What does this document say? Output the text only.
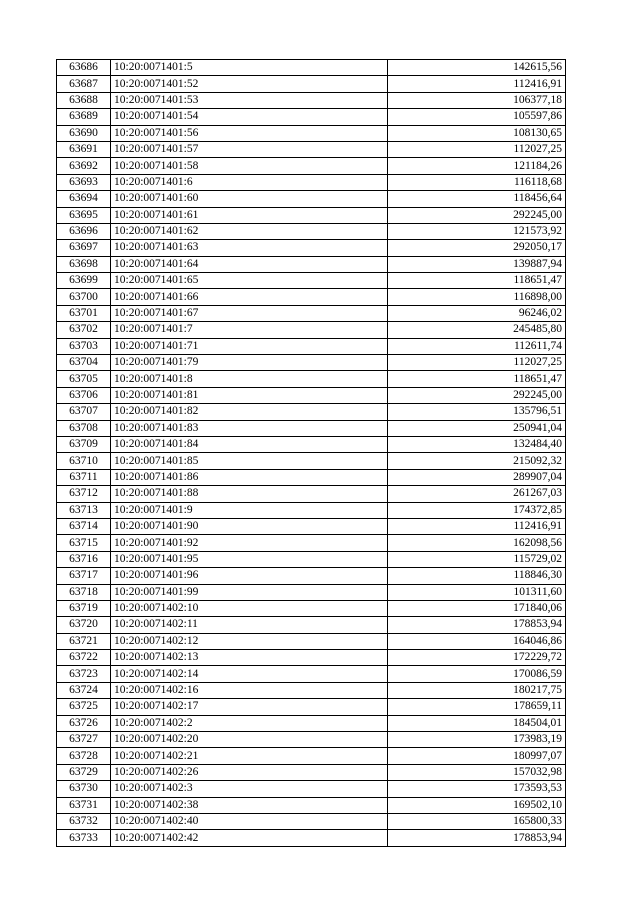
63686	10:20:0071401:5	142615,56
63687	10:20:0071401:52	112416,91
63688	10:20:0071401:53	106377,18
63689	10:20:0071401:54	105597,86
63690	10:20:0071401:56	108130,65
63691	10:20:0071401:57	112027,25
63692	10:20:0071401:58	121184,26
63693	10:20:0071401:6	116118,68
63694	10:20:0071401:60	118456,64
63695	10:20:0071401:61	292245,00
63696	10:20:0071401:62	121573,92
63697	10:20:0071401:63	292050,17
63698	10:20:0071401:64	139887,94
63699	10:20:0071401:65	118651,47
63700	10:20:0071401:66	116898,00
63701	10:20:0071401:67	96246,02
63702	10:20:0071401:7	245485,80
63703	10:20:0071401:71	112611,74
63704	10:20:0071401:79	112027,25
63705	10:20:0071401:8	118651,47
63706	10:20:0071401:81	292245,00
63707	10:20:0071401:82	135796,51
63708	10:20:0071401:83	250941,04
63709	10:20:0071401:84	132484,40
63710	10:20:0071401:85	215092,32
63711	10:20:0071401:86	289907,04
63712	10:20:0071401:88	261267,03
63713	10:20:0071401:9	174372,85
63714	10:20:0071401:90	112416,91
63715	10:20:0071401:92	162098,56
63716	10:20:0071401:95	115729,02
63717	10:20:0071401:96	118846,30
63718	10:20:0071401:99	101311,60
63719	10:20:0071402:10	171840,06
63720	10:20:0071402:11	178853,94
63721	10:20:0071402:12	164046,86
63722	10:20:0071402:13	172229,72
63723	10:20:0071402:14	170086,59
63724	10:20:0071402:16	180217,75
63725	10:20:0071402:17	178659,11
63726	10:20:0071402:2	184504,01
63727	10:20:0071402:20	173983,19
63728	10:20:0071402:21	180997,07
63729	10:20:0071402:26	157032,98
63730	10:20:0071402:3	173593,53
63731	10:20:0071402:38	169502,10
63732	10:20:0071402:40	165800,33
63733	10:20:0071402:42	178853,94
